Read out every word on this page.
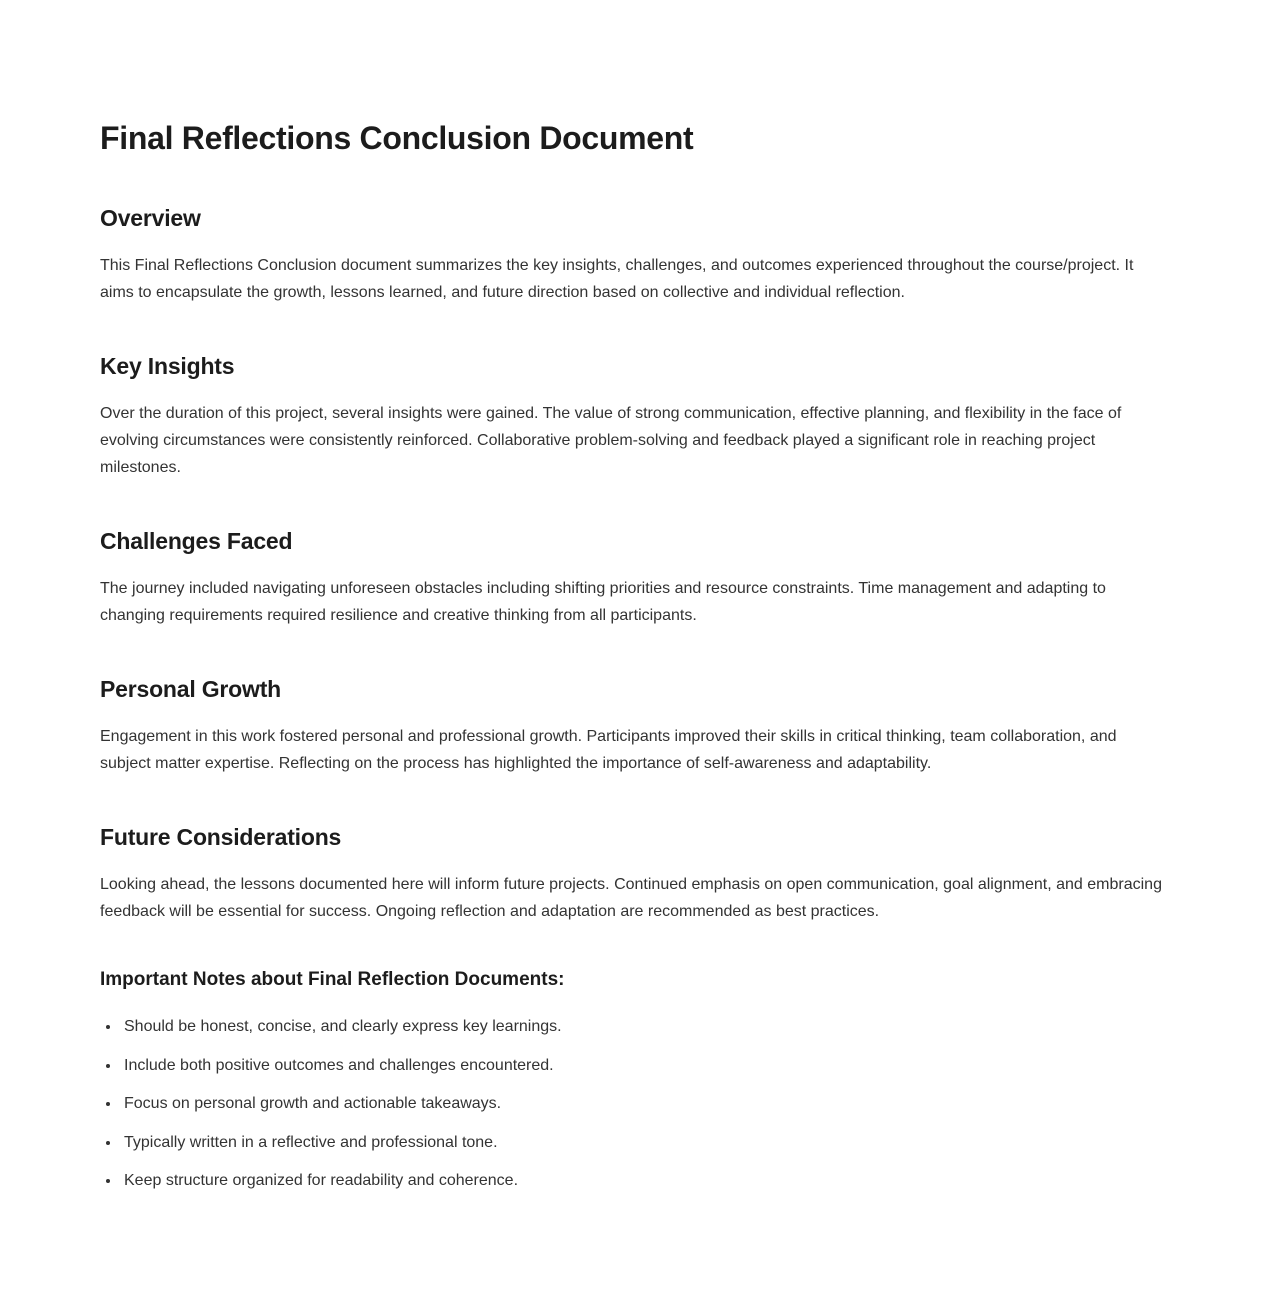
Final Reflections Conclusion Document
Overview

This Final Reflections Conclusion document summarizes the key insights, challenges, and outcomes experienced throughout the course/project. It aims to encapsulate the growth, lessons learned, and future direction based on collective and individual reflection.

Key Insights

Over the duration of this project, several insights were gained. The value of strong communication, effective planning, and flexibility in the face of evolving circumstances were consistently reinforced. Collaborative problem-solving and feedback played a significant role in reaching project milestones.

Challenges Faced

The journey included navigating unforeseen obstacles including shifting priorities and resource constraints. Time management and adapting to changing requirements required resilience and creative thinking from all participants.

Personal Growth

Engagement in this work fostered personal and professional growth. Participants improved their skills in critical thinking, team collaboration, and subject matter expertise. Reflecting on the process has highlighted the importance of self-awareness and adaptability.

Future Considerations

Looking ahead, the lessons documented here will inform future projects. Continued emphasis on open communication, goal alignment, and embracing feedback will be essential for success. Ongoing reflection and adaptation are recommended as best practices.

Important Notes about Final Reflection Documents:
• Should be honest, concise, and clearly express key learnings.
• Include both positive outcomes and challenges encountered.
• Focus on personal growth and actionable takeaways.
• Typically written in a reflective and professional tone.
• Keep structure organized for readability and coherence.
